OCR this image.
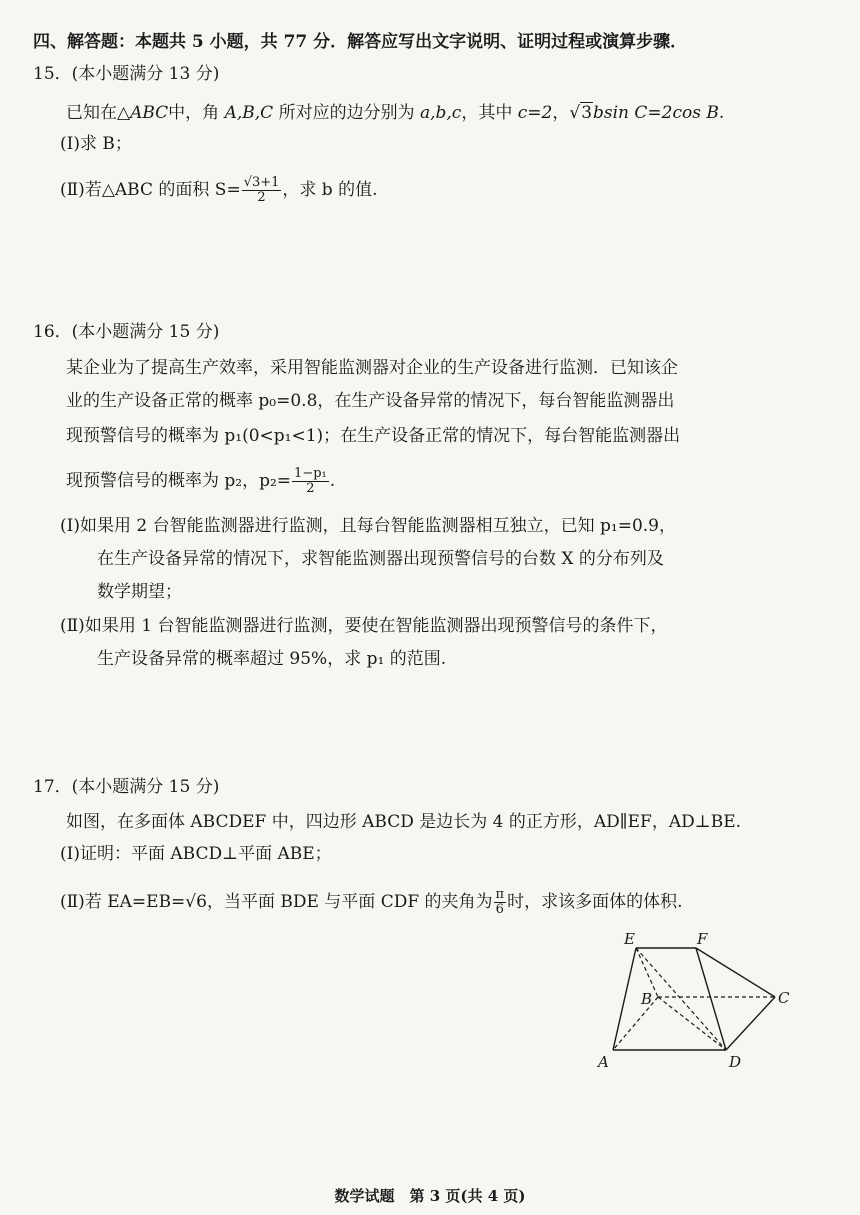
四、解答题：本题共 5 小题，共 77 分．解答应写出文字说明、证明过程或演算步骤．
15．(本小题满分 13 分)
已知在△ABC中，角 A,B,C 所对应的边分别为 a,b,c，其中 c=2，√3bsin C=2cos B.
(Ⅰ)求 B；
(Ⅱ)若△ABC 的面积 $S= \frac{√3+1}{2}$ ，求 b 的值.
16．(本小题满分 15 分)
某企业为了提高生产效率，采用智能监测器对企业的生产设备进行监测．已知该企
业的生产设备正常的概率 p₀=0.8，在生产设备异常的情况下，每台智能监测器出
现预警信号的概率为 p₁(0<p₁<1)；在生产设备正常的情况下，每台智能监测器出
现预警信号的概率为 p₂，$p_2= \frac{\text{1−p₁}}{2}$ .
(Ⅰ)如果用 2 台智能监测器进行监测，且每台智能监测器相互独立，已知 p₁=0.9，
在生产设备异常的情况下，求智能监测器出现预警信号的台数 X 的分布列及
数学期望；
(Ⅱ)如果用 1 台智能监测器进行监测，要使在智能监测器出现预警信号的条件下，
生产设备异常的概率超过 95%，求 p₁ 的范围.
17．(本小题满分 15 分)
如图，在多面体 ABCDEF 中，四边形 ABCD 是边长为 4 的正方形，AD∥EF，AD⊥BE.
(Ⅰ)证明：平面 ABCD⊥平面 ABE；
(Ⅱ)若 EA=EB=√6，当平面 BDE 与平面 CDF 的夹角为 $\frac{\pi}{6}$ 时，求该多面体的体积.
E	F
B	C
A	D
数学试题　第 3 页(共 4 页)
